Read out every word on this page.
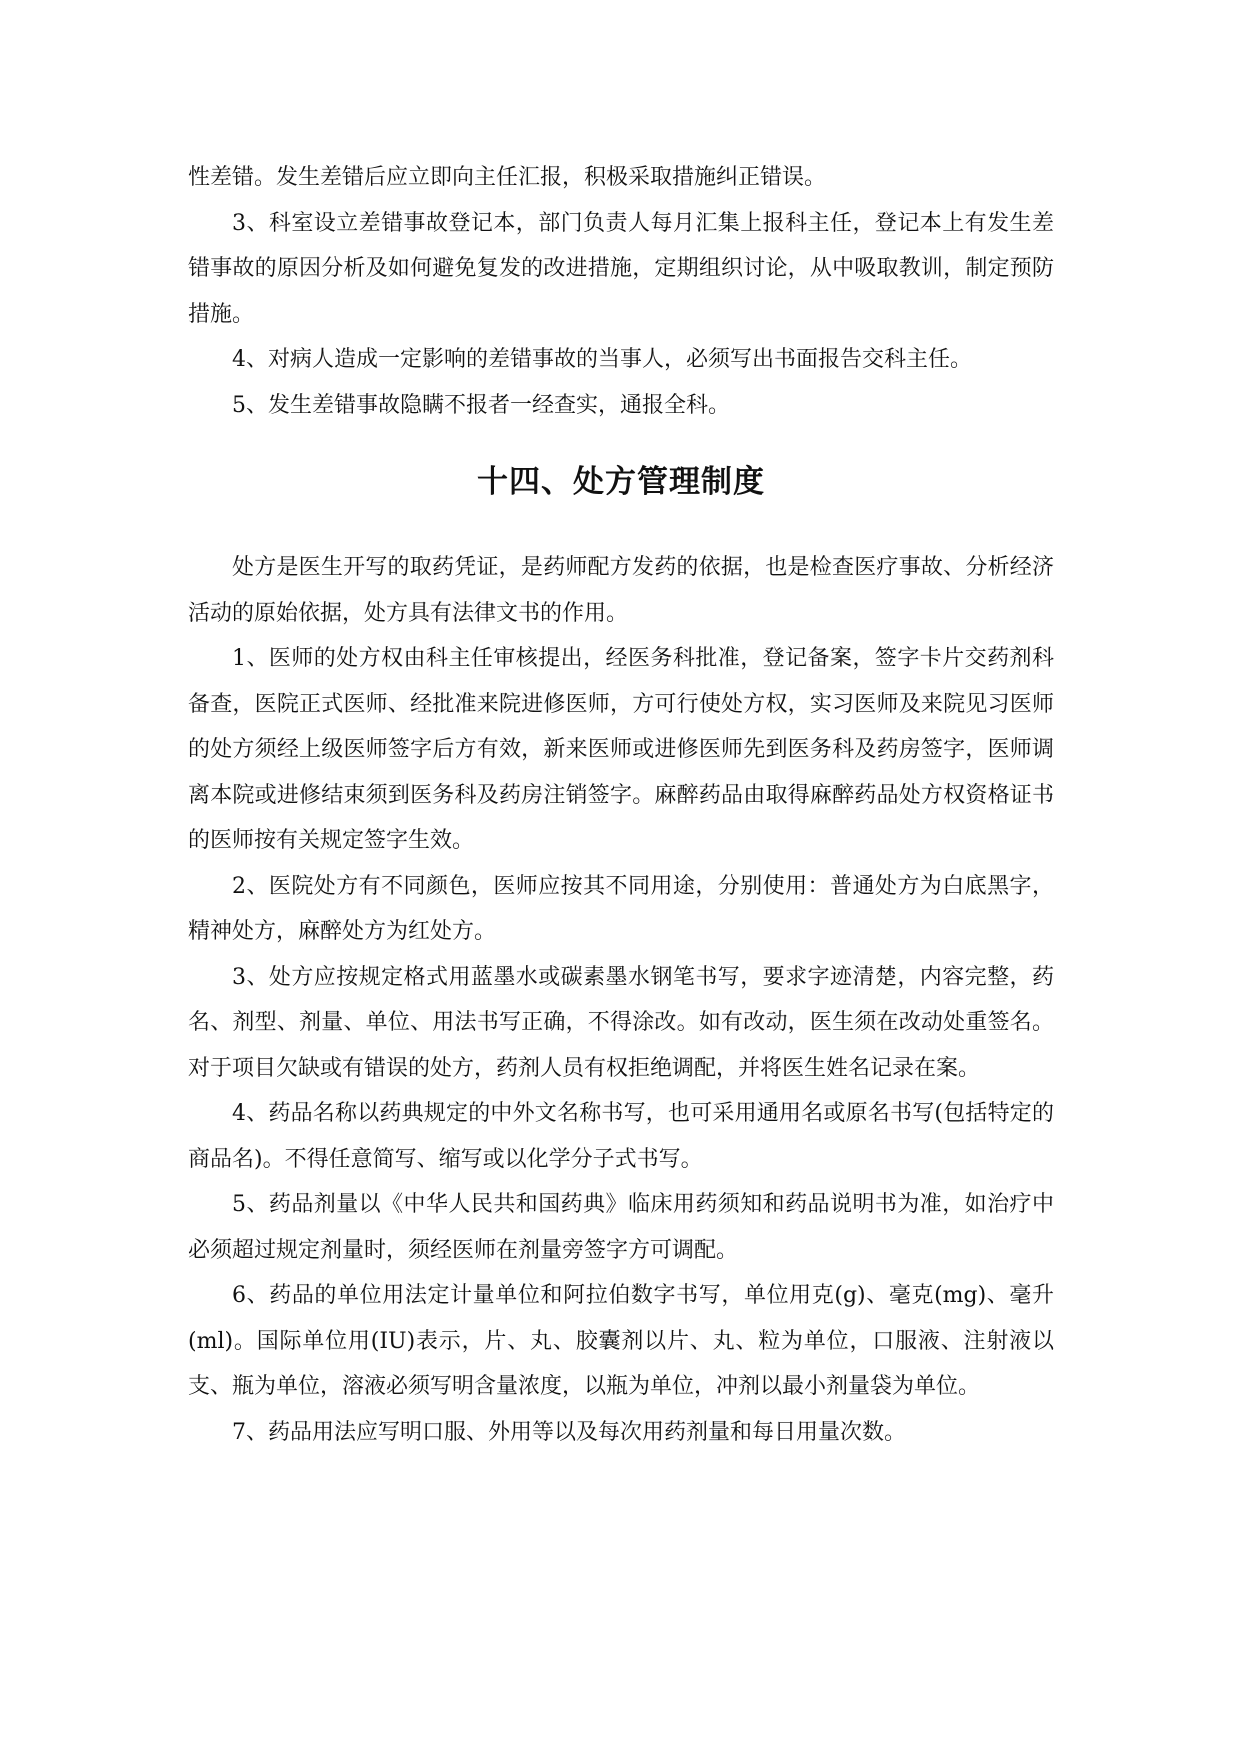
性差错。发生差错后应立即向主任汇报，积极采取措施纠正错误。

3、科室设立差错事故登记本，部门负责人每月汇集上报科主任，登记本上有发生差错事故的原因分析及如何避免复发的改进措施，定期组织讨论，从中吸取教训，制定预防措施。

4、对病人造成一定影响的差错事故的当事人，必须写出书面报告交科主任。

5、发生差错事故隐瞒不报者一经查实，通报全科。

十四、处方管理制度

处方是医生开写的取药凭证，是药师配方发药的依据，也是检查医疗事故、分析经济活动的原始依据，处方具有法律文书的作用。

1、医师的处方权由科主任审核提出，经医务科批准，登记备案，签字卡片交药剂科备查，医院正式医师、经批准来院进修医师，方可行使处方权，实习医师及来院见习医师的处方须经上级医师签字后方有效，新来医师或进修医师先到医务科及药房签字，医师调离本院或进修结束须到医务科及药房注销签字。麻醉药品由取得麻醉药品处方权资格证书的医师按有关规定签字生效。

2、医院处方有不同颜色，医师应按其不同用途，分别使用：普通处方为白底黑字，精神处方，麻醉处方为红处方。

3、处方应按规定格式用蓝墨水或碳素墨水钢笔书写，要求字迹清楚，内容完整，药名、剂型、剂量、单位、用法书写正确，不得涂改。如有改动，医生须在改动处重签名。对于项目欠缺或有错误的处方，药剂人员有权拒绝调配，并将医生姓名记录在案。

4、药品名称以药典规定的中外文名称书写，也可采用通用名或原名书写(包括特定的商品名)。不得任意简写、缩写或以化学分子式书写。

5、药品剂量以《中华人民共和国药典》临床用药须知和药品说明书为准，如治疗中必须超过规定剂量时，须经医师在剂量旁签字方可调配。

6、药品的单位用法定计量单位和阿拉伯数字书写，单位用克(g)、毫克(mg)、毫升(ml)。国际单位用(IU)表示，片、丸、胶囊剂以片、丸、粒为单位，口服液、注射液以支、瓶为单位，溶液必须写明含量浓度，以瓶为单位，冲剂以最小剂量袋为单位。

7、药品用法应写明口服、外用等以及每次用药剂量和每日用量次数。
